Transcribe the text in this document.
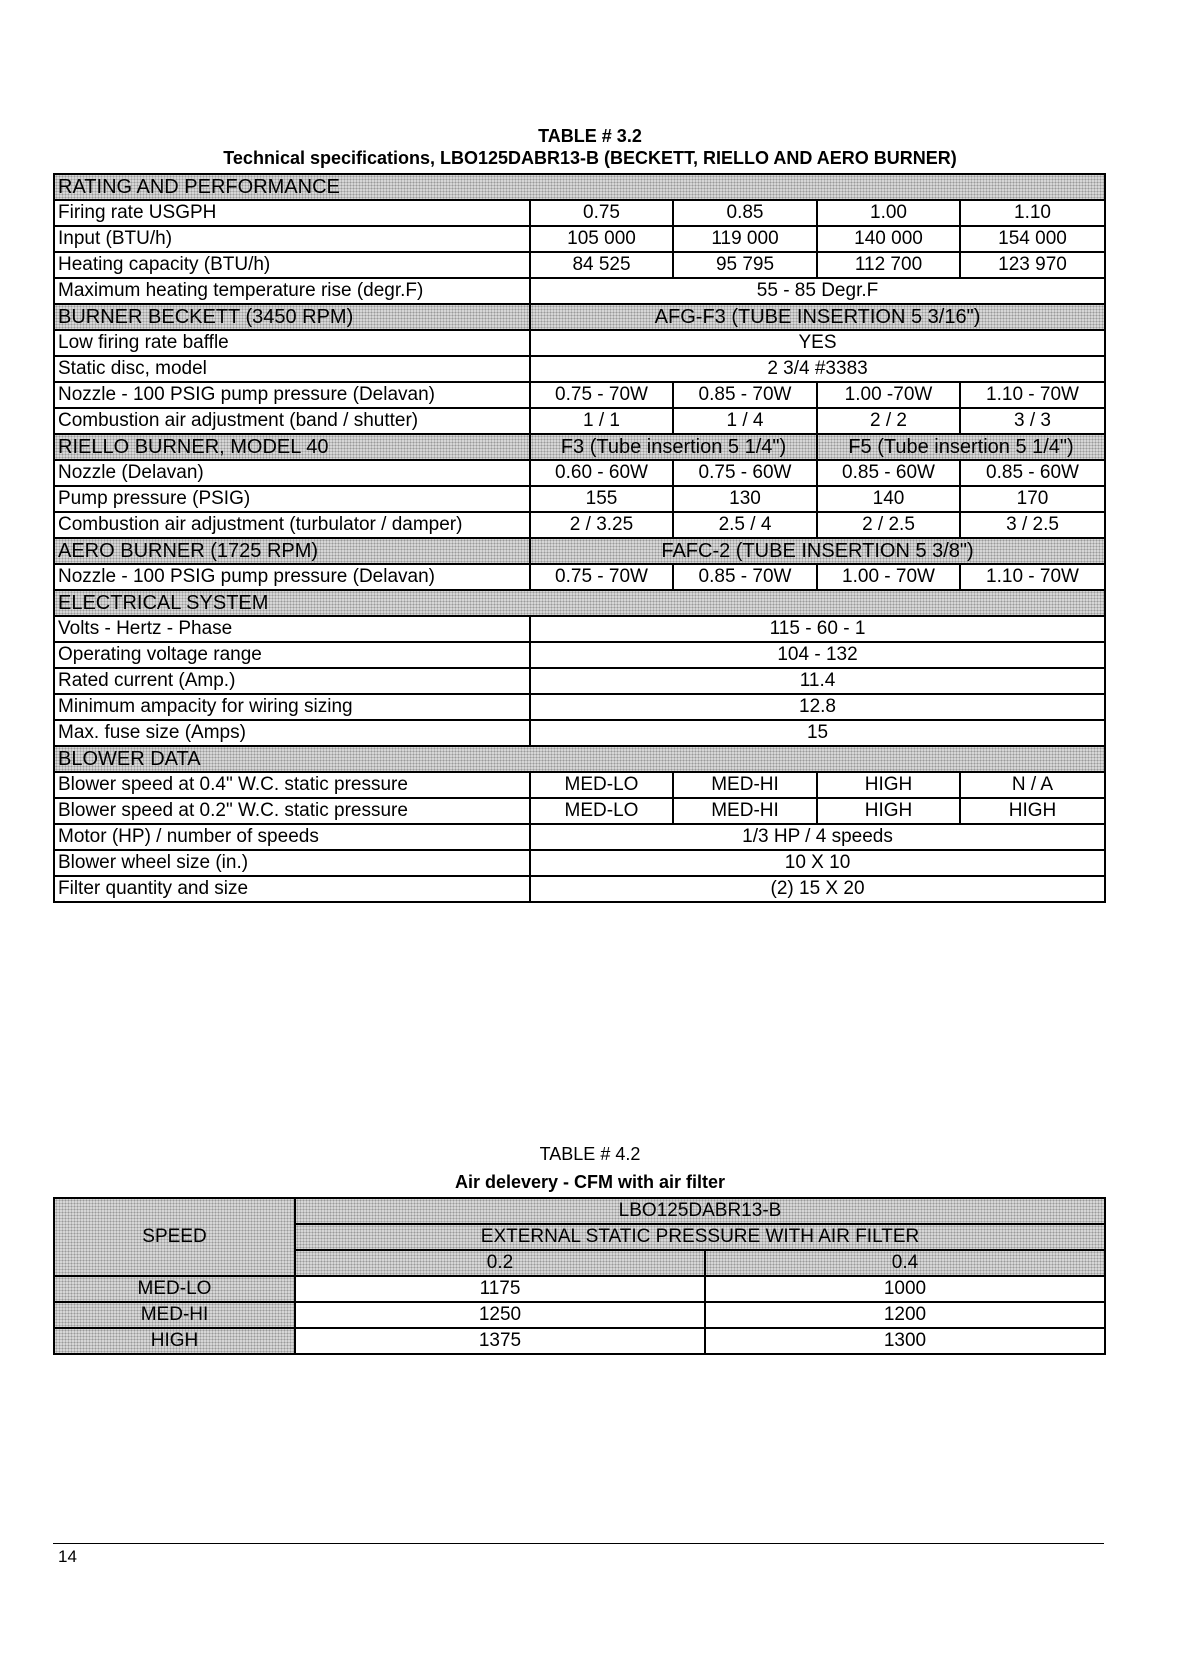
TABLE # 3.2
Technical specifications, LBO125DABR13-B (BECKETT, RIELLO AND AERO BURNER)
RATING AND PERFORMANCE				
Firing rate USGPH	0.75	0.85	1.00	1.10
Input (BTU/h)	105 000	119 000	140 000	154 000
Heating capacity (BTU/h)	84 525	95 795	112 700	123 970
Maximum heating temperature rise (degr.F)	55 - 85 Degr.F			
BURNER BECKETT (3450 RPM)	AFG-F3 (TUBE INSERTION 5 3/16")			
Low firing rate baffle	YES			
Static disc, model	2 3/4 #3383			
Nozzle - 100 PSIG pump pressure (Delavan)	0.75 - 70W	0.85 - 70W	1.00 -70W	1.10 - 70W
Combustion air adjustment (band / shutter)	1 / 1	1 / 4	2 / 2	3 / 3
RIELLO BURNER, MODEL 40	F3 (Tube insertion 5 1/4")		F5 (Tube insertion 5 1/4")	
Nozzle (Delavan)	0.60 - 60W	0.75 - 60W	0.85 - 60W	0.85 - 60W
Pump pressure (PSIG)	155	130	140	170
Combustion air adjustment (turbulator / damper)	2 / 3.25	2.5 / 4	2 / 2.5	3 / 2.5
AERO BURNER (1725 RPM)	FAFC-2 (TUBE INSERTION 5 3/8")			
Nozzle - 100 PSIG pump pressure (Delavan)	0.75 - 70W	0.85 - 70W	1.00 - 70W	1.10 - 70W
ELECTRICAL SYSTEM				
Volts - Hertz - Phase	115 - 60 - 1			
Operating voltage range	104 - 132			
Rated current (Amp.)	11.4			
Minimum ampacity for wiring sizing	12.8			
Max. fuse size (Amps)	15			
BLOWER DATA				
Blower speed at 0.4" W.C. static pressure	MED-LO	MED-HI	HIGH	N / A
Blower speed at 0.2" W.C. static pressure	MED-LO	MED-HI	HIGH	HIGH
Motor (HP) / number of speeds	1/3 HP / 4 speeds			
Blower wheel size (in.)	10 X 10			
Filter quantity and size	(2) 15 X 20			
TABLE # 4.2
Air delevery - CFM with air filter
SPEED	LBO125DABR13-B	
	EXTERNAL STATIC PRESSURE WITH AIR FILTER	
	0.2	0.4
MED-LO	1175	1000
MED-HI	1250	1200
HIGH	1375	1300
14
